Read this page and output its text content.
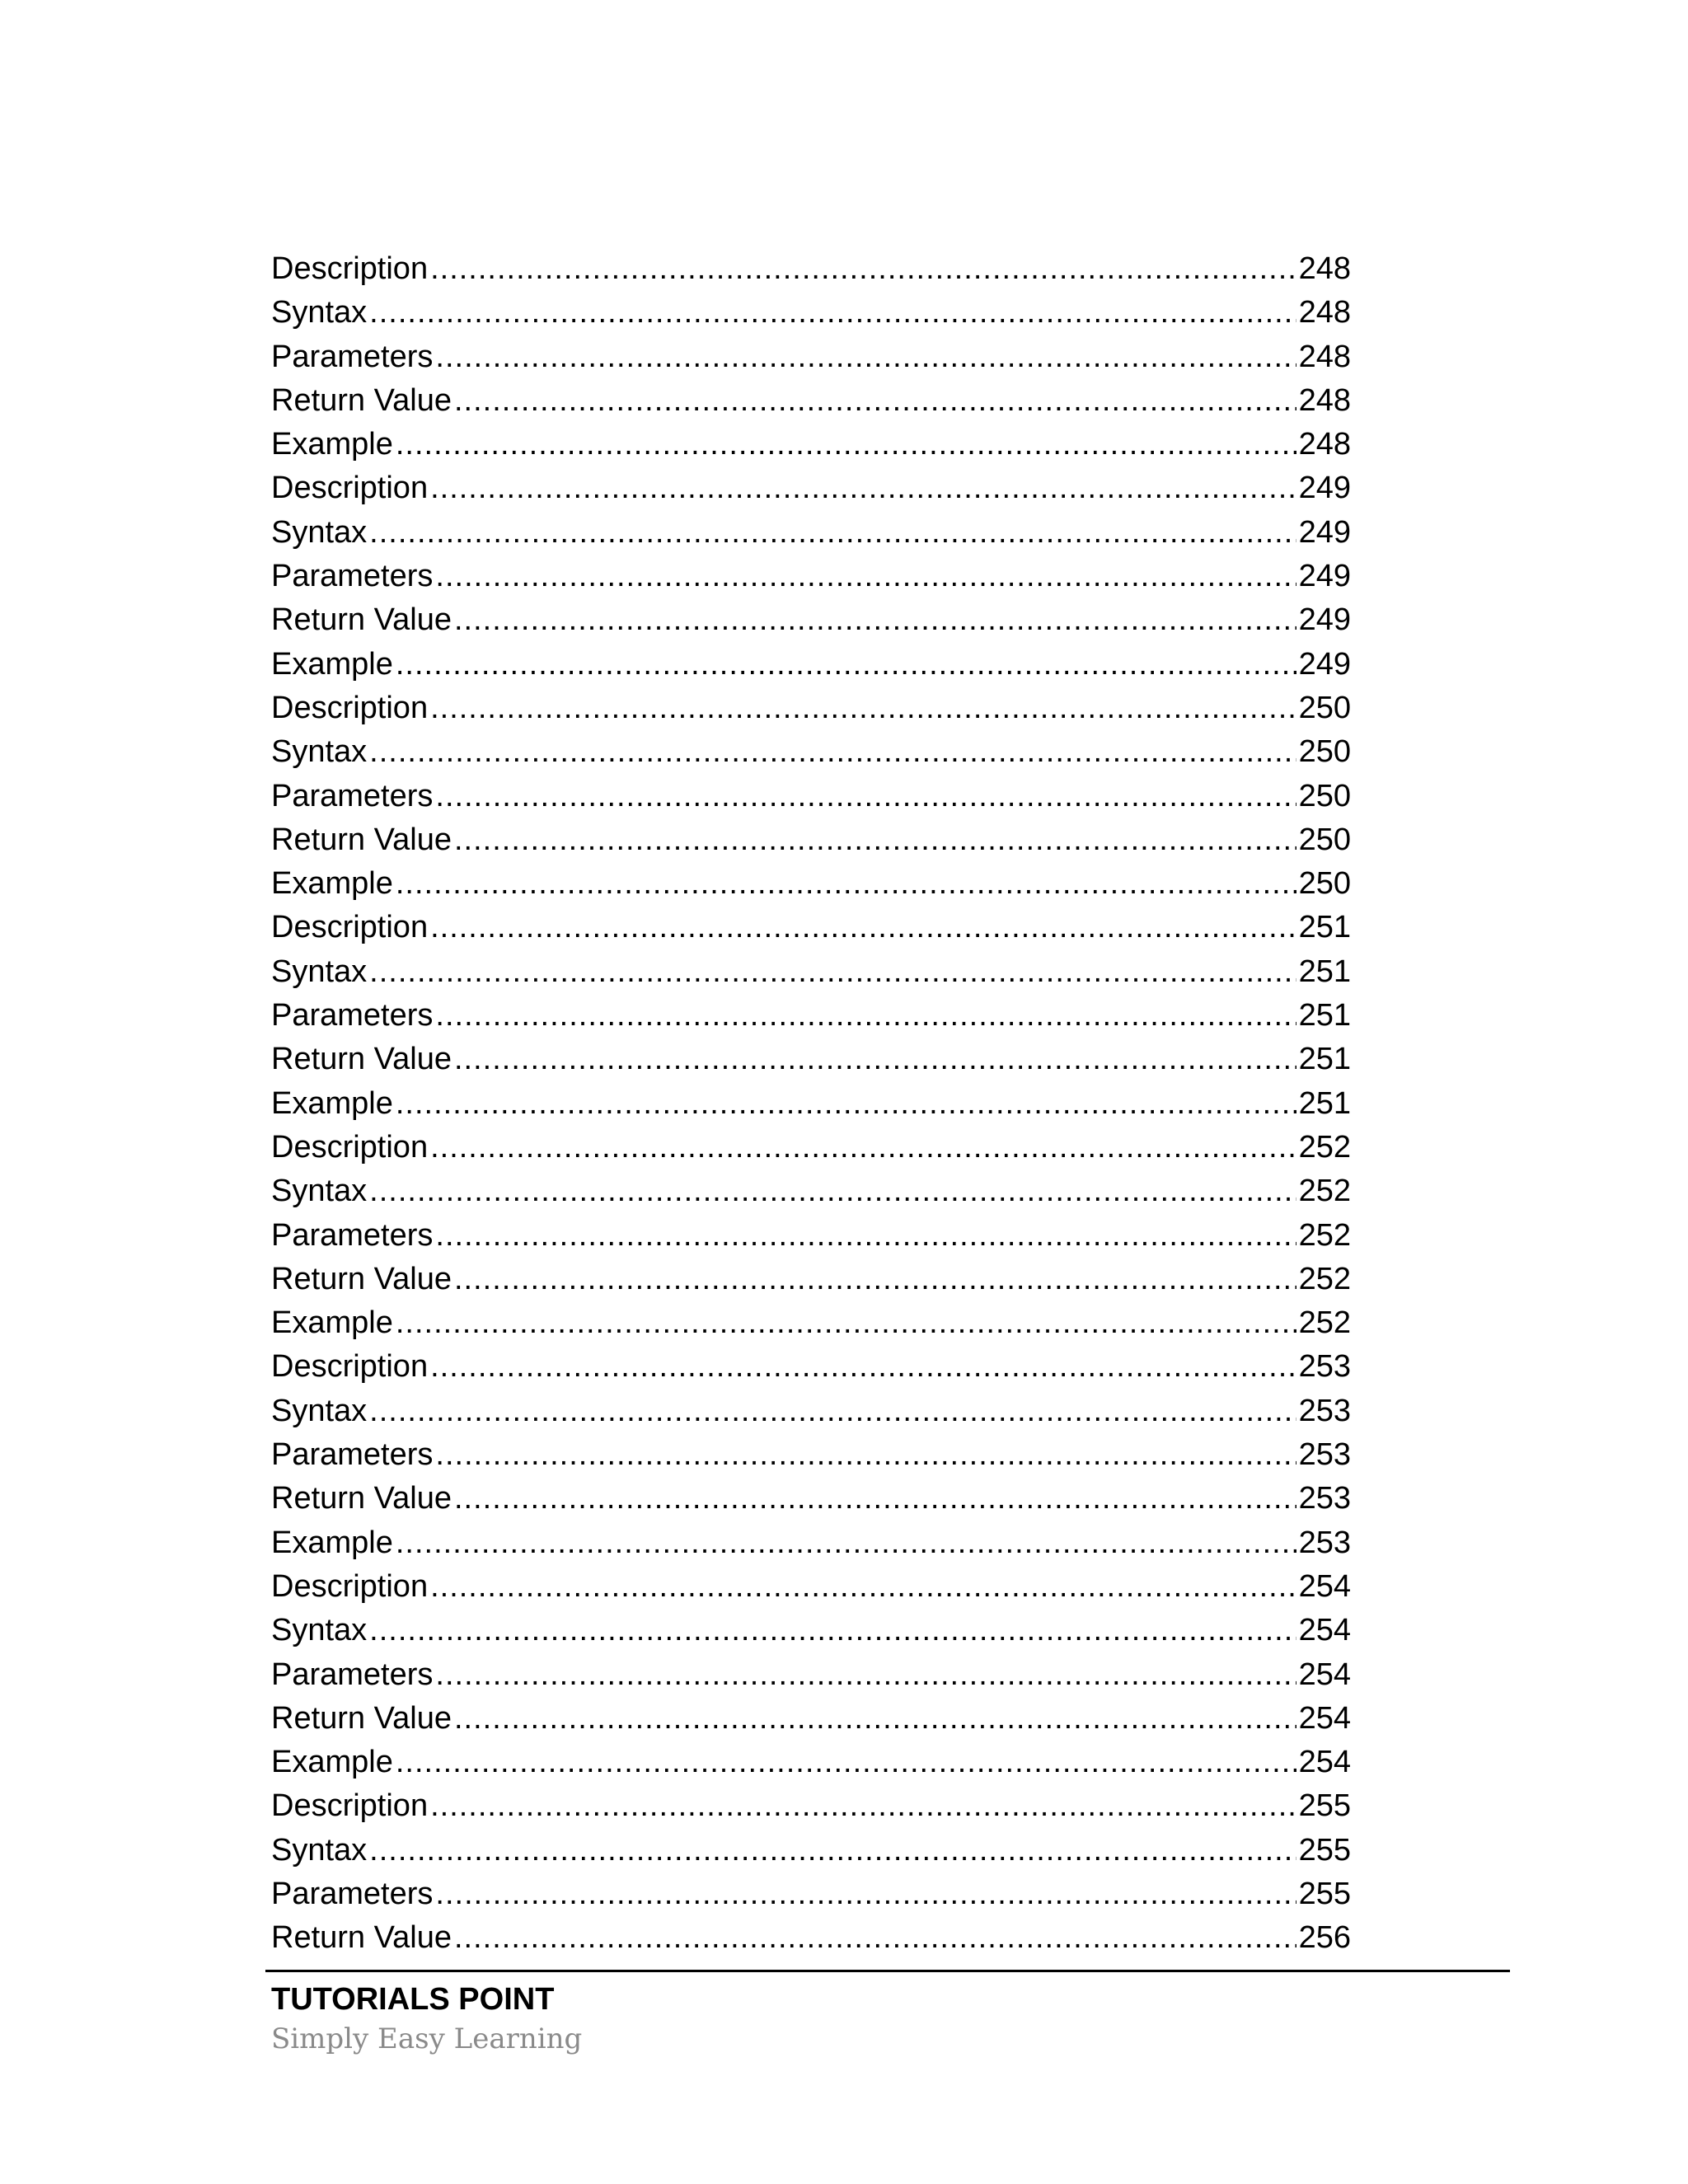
Description .....	248
Syntax .....	248
Parameters .....	248
Return Value .....	248
Example .....	248
Description .....	249
Syntax .....	249
Parameters .....	249
Return Value .....	249
Example .....	249
Description .....	250
Syntax .....	250
Parameters .....	250
Return Value .....	250
Example .....	250
Description .....	251
Syntax .....	251
Parameters .....	251
Return Value .....	251
Example .....	251
Description .....	252
Syntax .....	252
Parameters .....	252
Return Value .....	252
Example .....	252
Description .....	253
Syntax .....	253
Parameters .....	253
Return Value .....	253
Example .....	253
Description .....	254
Syntax .....	254
Parameters .....	254
Return Value .....	254
Example .....	254
Description .....	255
Syntax .....	255
Parameters .....	255
Return Value .....	256
TUTORIALS POINT
Simply Easy Learning
